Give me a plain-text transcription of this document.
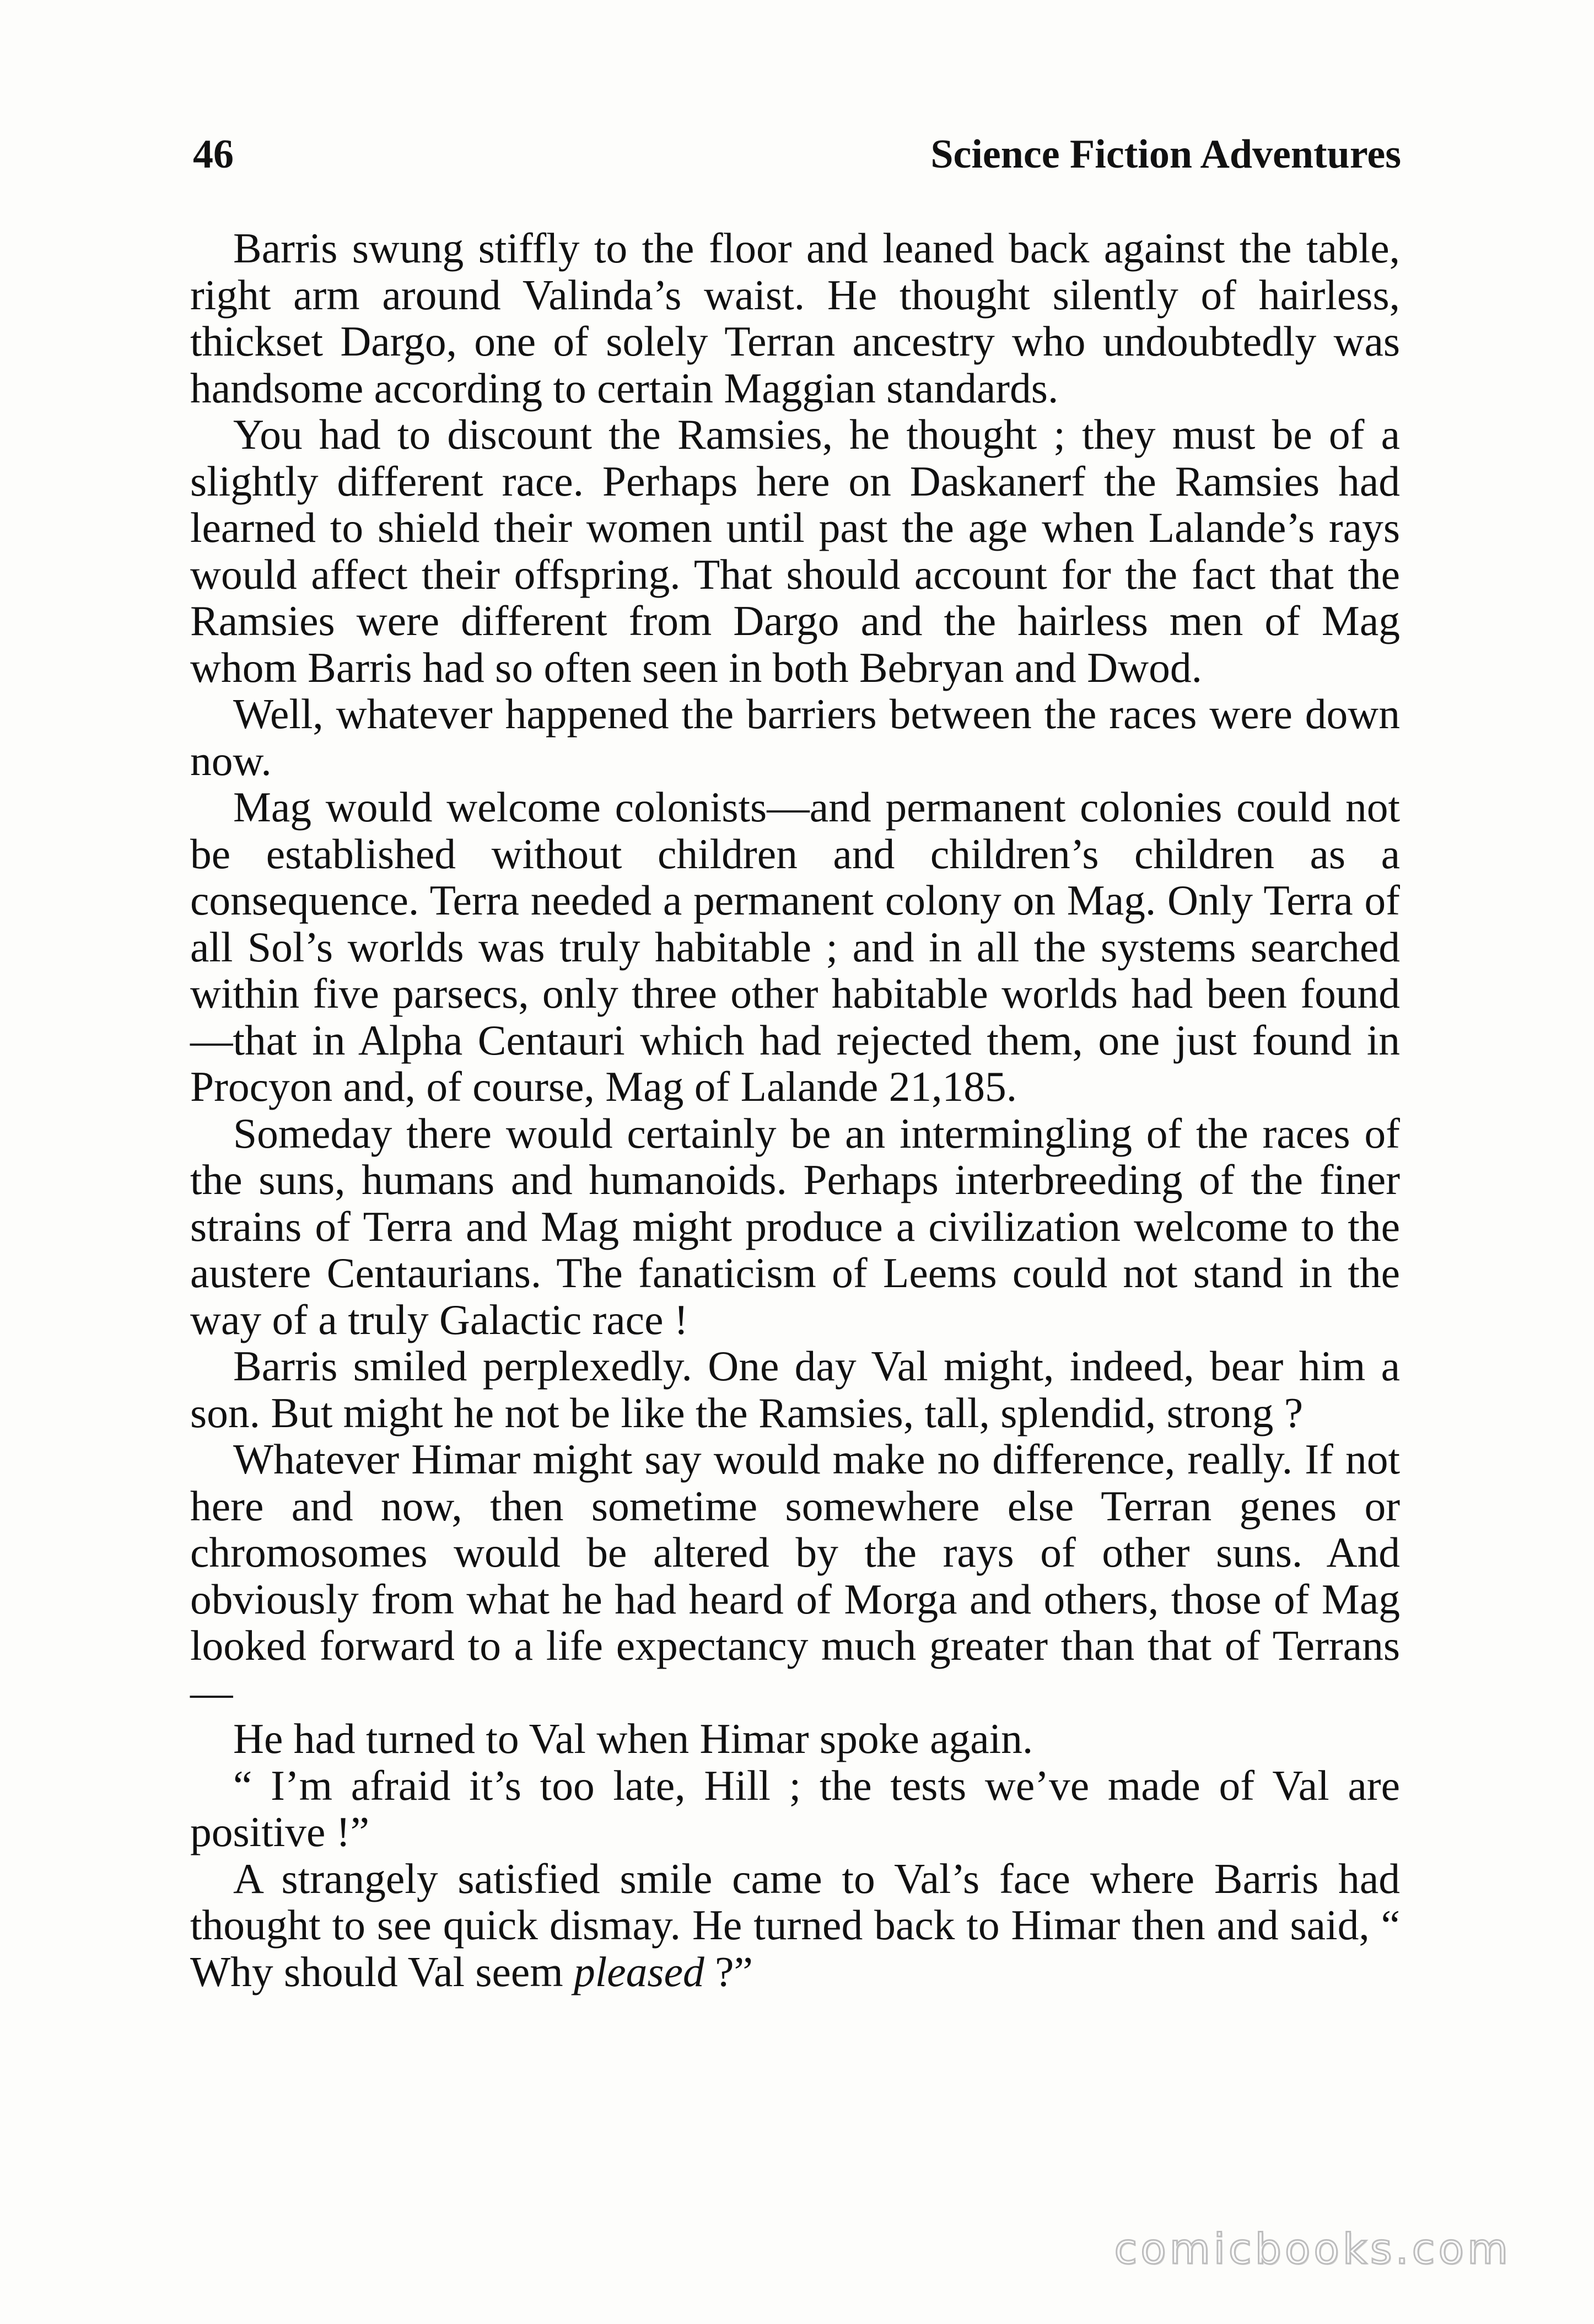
46	Science Fiction Adventures

Barris swung stiffly to the floor and leaned back against the table, right arm around Valinda’s waist. He thought silently of hairless, thickset Dargo, one of solely Terran ancestry who undoubtedly was handsome according to certain Maggian standards.

You had to discount the Ramsies, he thought ; they must be of a slightly different race. Perhaps here on Daskanerf the Ramsies had learned to shield their women until past the age when Lalande’s rays would affect their offspring. That should account for the fact that the Ramsies were different from Dargo and the hairless men of Mag whom Barris had so often seen in both Bebryan and Dwod.

Well, whatever happened the barriers between the races were down now.

Mag would welcome colonists—and permanent colonies could not be established without children and children’s children as a consequence. Terra needed a permanent colony on Mag. Only Terra of all Sol’s worlds was truly habitable ; and in all the systems searched within five parsecs, only three other habitable worlds had been found—that in Alpha Centauri which had rejected them, one just found in Procyon and, of course, Mag of Lalande 21,185.

Someday there would certainly be an intermingling of the races of the suns, humans and humanoids. Perhaps interbreeding of the finer strains of Terra and Mag might produce a civilization welcome to the austere Centaurians. The fanaticism of Leems could not stand in the way of a truly Galactic race !

Barris smiled perplexedly. One day Val might, indeed, bear him a son. But might he not be like the Ramsies, tall, splendid, strong ?

Whatever Himar might say would make no difference, really. If not here and now, then sometime somewhere else Terran genes or chromosomes would be altered by the rays of other suns. And obviously from what he had heard of Morga and others, those of Mag looked forward to a life expectancy much greater than that of Terrans—

He had turned to Val when Himar spoke again.

“ I’m afraid it’s too late, Hill ; the tests we’ve made of Val are positive !”

A strangely satisfied smile came to Val’s face where Barris had thought to see quick dismay. He turned back to Himar then and said, “ Why should Val seem pleased ?”

comicbooks.com
